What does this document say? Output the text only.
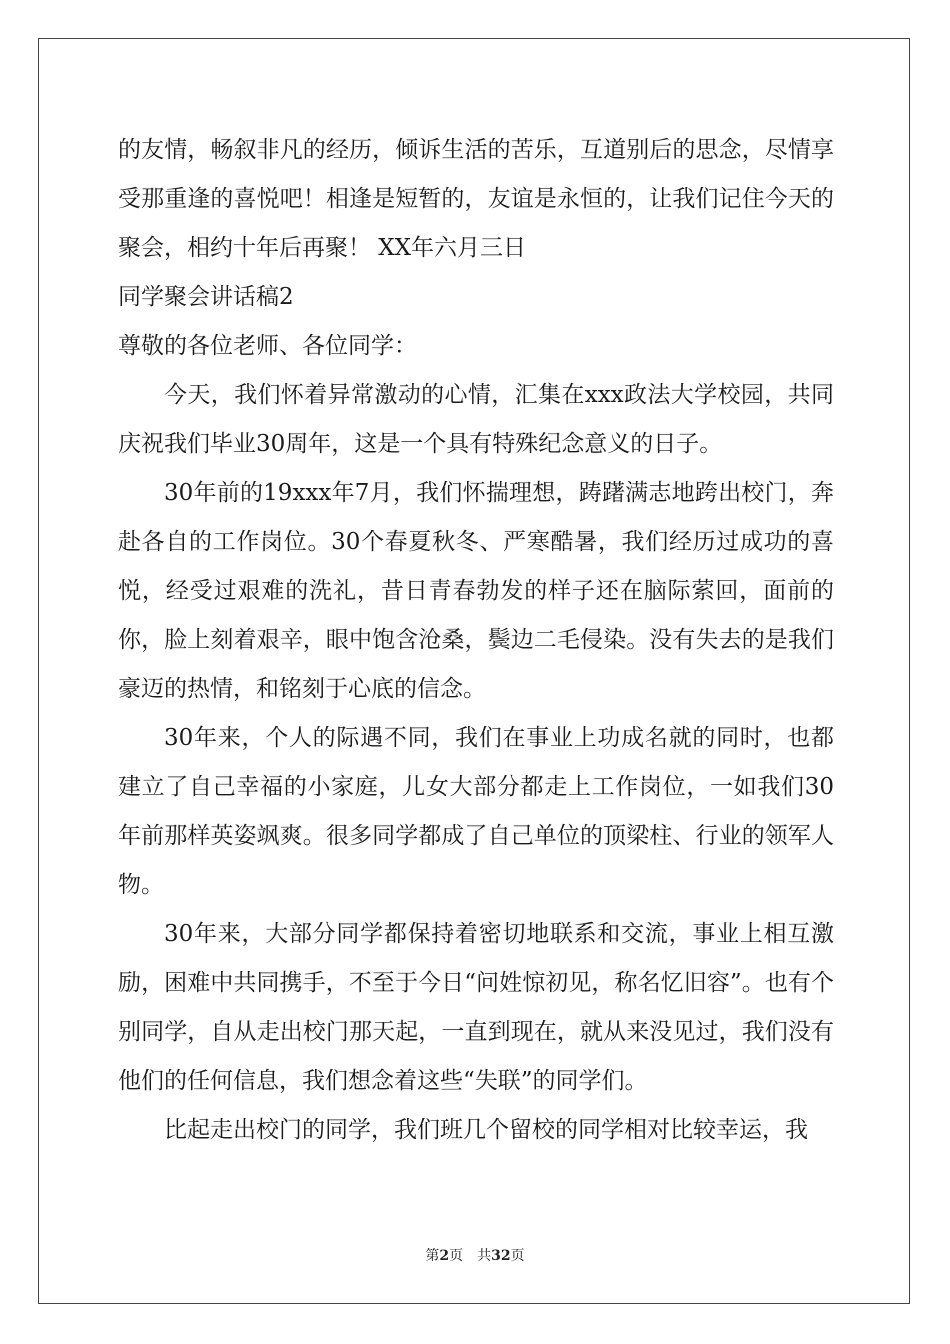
的友情，畅叙非凡的经历，倾诉生活的苦乐，互道别后的思念，尽情享受那重逢的喜悦吧！相逢是短暂的，友谊是永恒的，让我们记住今天的聚会，相约十年后再聚！ XX年六月三日

同学聚会讲话稿2

尊敬的各位老师、各位同学：

今天，我们怀着异常激动的心情，汇集在xxx政法大学校园，共同庆祝我们毕业30周年，这是一个具有特殊纪念意义的日子。

30年前的19xxx年7月，我们怀揣理想，踌躇满志地跨出校门，奔赴各自的工作岗位。30个春夏秋冬、严寒酷暑，我们经历过成功的喜悦，经受过艰难的洗礼，昔日青春勃发的样子还在脑际萦回，面前的你，脸上刻着艰辛，眼中饱含沧桑，鬓边二毛侵染。没有失去的是我们豪迈的热情，和铭刻于心底的信念。

30年来，个人的际遇不同，我们在事业上功成名就的同时，也都建立了自己幸福的小家庭，儿女大部分都走上工作岗位，一如我们30年前那样英姿飒爽。很多同学都成了自己单位的顶梁柱、行业的领军人物。

30年来，大部分同学都保持着密切地联系和交流，事业上相互激励，困难中共同携手，不至于今日“问姓惊初见，称名忆旧容”。也有个别同学，自从走出校门那天起，一直到现在，就从来没见过，我们没有他们的任何信息，我们想念着这些“失联”的同学们。

比起走出校门的同学，我们班几个留校的同学相对比较幸运，我

第2页　共32页
